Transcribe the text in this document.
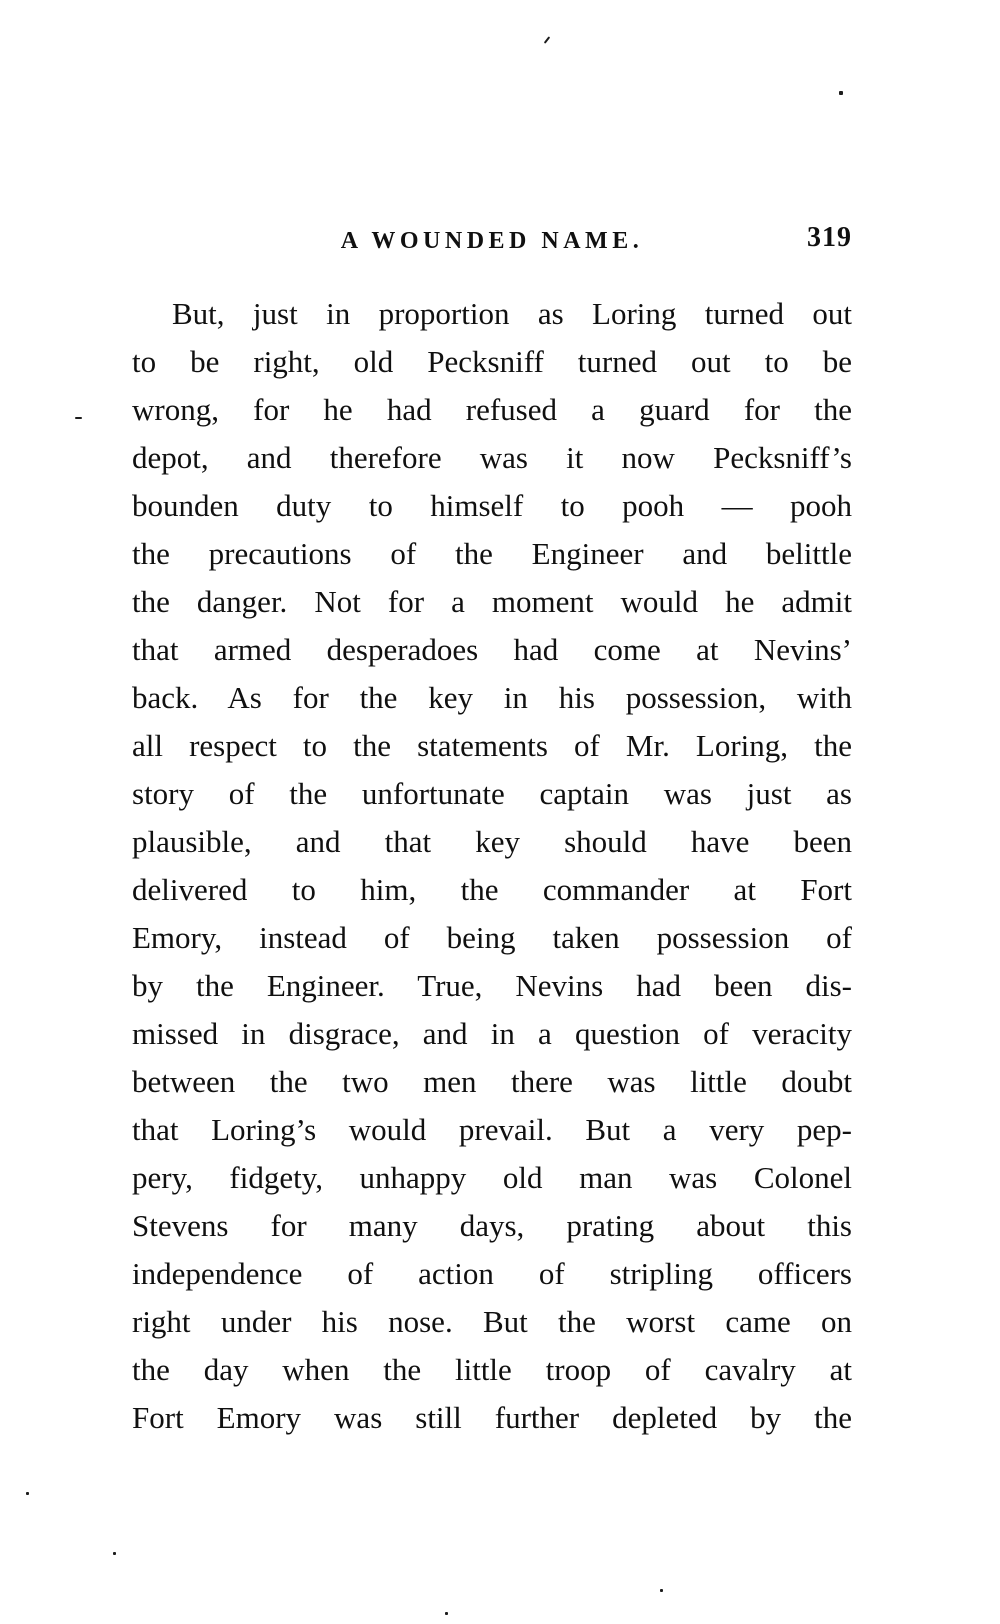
A WOUNDED NAME.	319
But, just in proportion as Loring turned out
to be right, old Pecksniff turned out to be
wrong, for he had refused a guard for the
depot, and therefore was it now Pecksniff’s
bounden duty to himself to pooh — pooh
the precautions of the Engineer and belittle
the danger. Not for a moment would he admit
that armed desperadoes had come at Nevins’
back. As for the key in his possession, with
all respect to the statements of Mr. Loring, the
story of the unfortunate captain was just as
plausible, and that key should have been
delivered to him, the commander at Fort
Emory, instead of being taken possession of
by the Engineer. True, Nevins had been dis-
missed in disgrace, and in a question of veracity
between the two men there was little doubt
that Loring’s would prevail. But a very pep-
pery, fidgety, unhappy old man was Colonel
Stevens for many days, prating about this
independence of action of stripling officers
right under his nose. But the worst came on
the day when the little troop of cavalry at
Fort Emory was still further depleted by the
